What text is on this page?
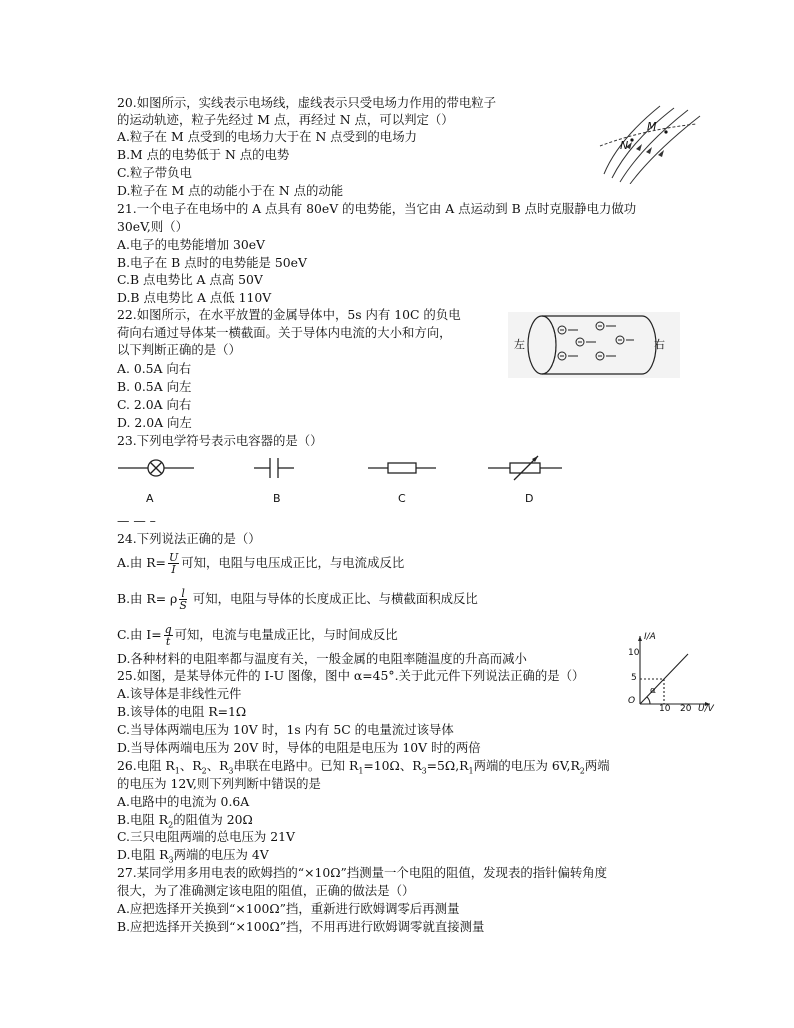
20.如图所示，实线表示电场线，虚线表示只受电场力作用的带电粒子
的运动轨迹，粒子先经过 M 点，再经过 N 点，可以判定（）
A.粒子在 M 点受到的电场力大于在 N 点受到的电场力
B.M 点的电势低于 N 点的电势
C.粒子带负电
D.粒子在 M 点的动能小于在 N 点的动能
M
N
21.一个电子在电场中的 A 点具有 80eV 的电势能，当它由 A 点运动到 B 点时克服静电力做功
30eV,则（）
A.电子的电势能增加 30eV
B.电子在 B 点时的电势能是 50eV
C.B 点电势比 A 点高 50V
D.B 点电势比 A 点低 110V
22.如图所示，在水平放置的金属导体中，5s 内有 10C 的负电
荷向右通过导体某一横截面。关于导体内电流的大小和方向，
以下判断正确的是（）
A. 0.5A 向右
B. 0.5A 向左
C. 2.0A 向右
D. 2.0A 向左
左	右
23.下列电学符号表示电容器的是（）
A	B	C	D
— — –
24.下列说法正确的是（）
A.由 $R= \frac{U}{I}$ 可知，电阻与电压成正比，与电流成反比
B.由 R= ρ $\frac{l}{S}$ 可知，电阻与导体的长度成正比、与横截面积成反比
C.由 $I= \frac{q}{t}$ 可知，电流与电量成正比，与时间成反比
D.各种材料的电阻率都与温度有关，一般金属的电阻率随温度的升高而减小
25.如图，是某导体元件的 I-U 图像，图中 α=45°.关于此元件下列说法正确的是（）
A.该导体是非线性元件
B.该导体的电阻 R=1Ω
C.当导体两端电压为 10V 时，1s 内有 5C 的电量流过该导体
D.当导体两端电压为 20V 时，导体的电阻是电压为 10V 时的两倍
I/A
U/V
O
α
10
5
10 20
26.电阻 $R_1$、$R_2$、$R_3$串联在电路中。已知 $R_1=10\Omega$、$R_3=5\Omega,R_1$两端的电压为 $6V,R_2$两端
的电压为 12V,则下列判断中错误的是
A.电路中的电流为 0.6A
B.电阻 $R_2$的阻值为 20Ω
C.三只电阻两端的总电压为 21V
D.电阻 $R_3$两端的电压为 4V
27.某同学用多用电表的欧姆挡的“×10Ω”挡测量一个电阻的阻值，发现表的指针偏转角度
很大，为了准确测定该电阻的阻值，正确的做法是（）
A.应把选择开关换到“×100Ω”挡，重新进行欧姆调零后再测量
B.应把选择开关换到“×100Ω”挡，不用再进行欧姆调零就直接测量
